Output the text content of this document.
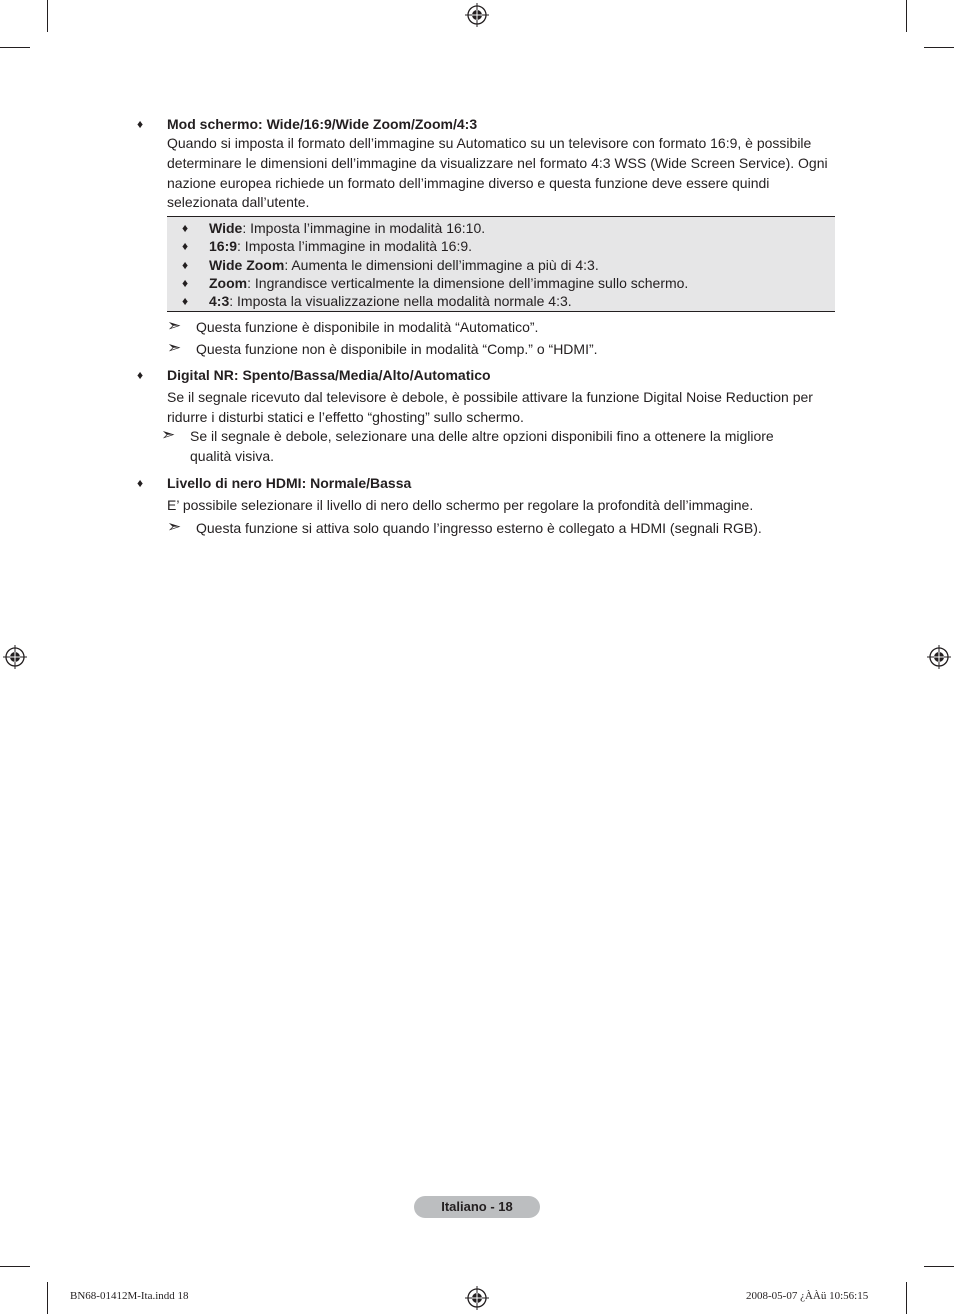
♦ Mod schermo: Wide/16:9/Wide Zoom/Zoom/4:3

Quando si imposta il formato dell’immagine su Automatico su un televisore con formato 16:9, è possibile determinare le dimensioni dell’immagine da visualizzare nel formato 4:3 WSS (Wide Screen Service). Ogni nazione europea richiede un formato dell’immagine diverso e questa funzione deve essere quindi selezionata dall’utente.

♦ Wide: Imposta l’immagine in modalità 16:10.
♦ 16:9: Imposta l’immagine in modalità 16:9.
♦ Wide Zoom: Aumenta le dimensioni dell’immagine a più di 4:3.
♦ Zoom: Ingrandisce verticalmente la dimensione dell’immagine sullo schermo.
♦ 4:3: Imposta la visualizzazione nella modalità normale 4:3.
➣ Questa funzione è disponibile in modalità “Automatico”.
➣ Questa funzione non è disponibile in modalità “Comp.” o “HDMI”.
♦ Digital NR: Spento/Bassa/Media/Alto/Automatico

Se il segnale ricevuto dal televisore è debole, è possibile attivare la funzione Digital Noise Reduction per ridurre i disturbi statici e l’effetto “ghosting” sullo schermo.

➣ Se il segnale è debole, selezionare una delle altre opzioni disponibili fino a ottenere la migliore
qualità visiva.
♦ Livello di nero HDMI: Normale/Bassa

E’ possibile selezionare il livello di nero dello schermo per regolare la profondità dell’immagine.

➣ Questa funzione si attiva solo quando l’ingresso esterno è collegato a HDMI (segnali RGB).
Italiano - 18
BN68-01412M-Ita.indd 18	2008-05-07 ¿ÀÀü 10:56:15
